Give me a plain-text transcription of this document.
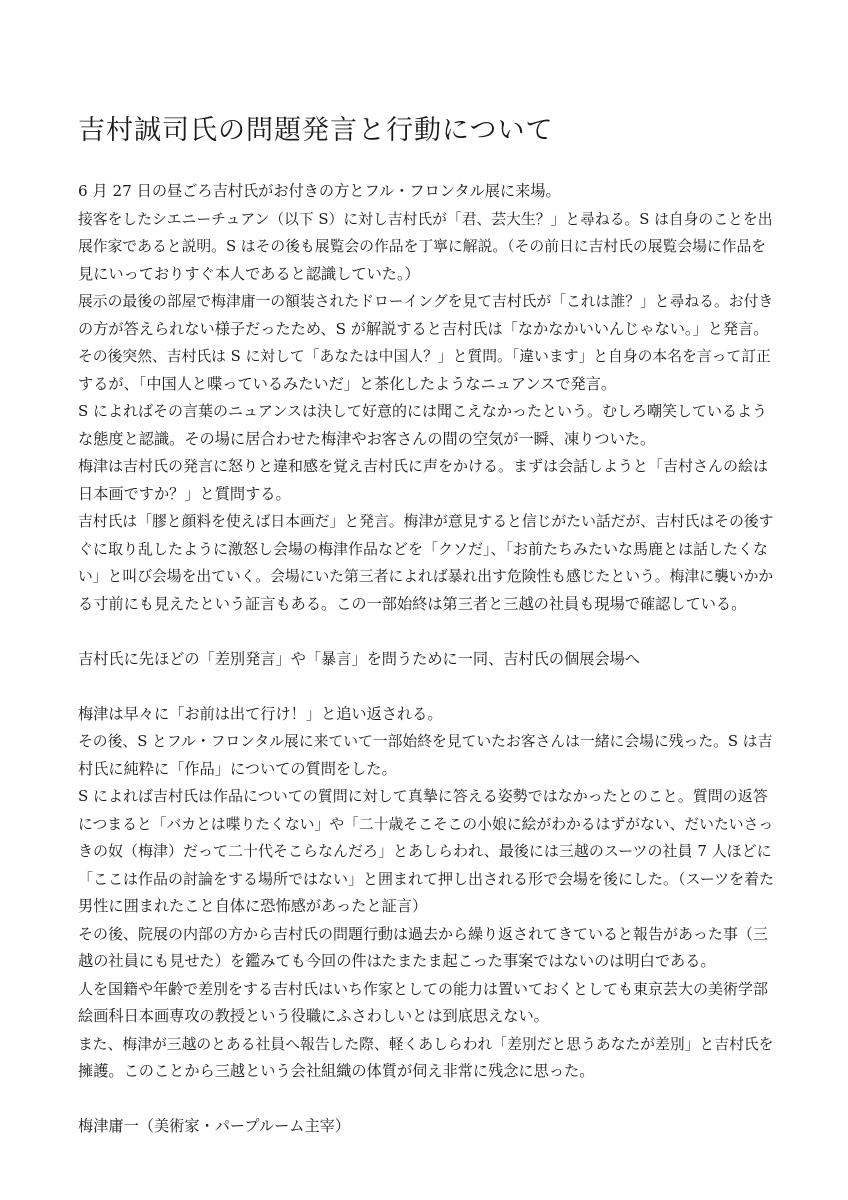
吉村誠司氏の問題発言と行動について
6 月 27 日の昼ごろ吉村氏がお付きの方とフル・フロンタル展に来場。
接客をしたシエニーチュアン（以下 S）に対し吉村氏が「君、芸大生？」と尋ねる。S は自身のことを出
展作家であると説明。S はその後も展覧会の作品を丁寧に解説。（その前日に吉村氏の展覧会場に作品を
見にいっておりすぐ本人であると認識していた。）
展示の最後の部屋で梅津庸一の額装されたドローイングを見て吉村氏が「これは誰？」と尋ねる。お付き
の方が答えられない様子だったため、S が解説すると吉村氏は「なかなかいいんじゃない。」と発言。
その後突然、吉村氏は S に対して「あなたは中国人？」と質問。「違います」と自身の本名を言って訂正
するが、「中国人と喋っているみたいだ」と茶化したようなニュアンスで発言。
S によればその言葉のニュアンスは決して好意的には聞こえなかったという。むしろ嘲笑しているよう
な態度と認識。その場に居合わせた梅津やお客さんの間の空気が一瞬、凍りついた。
梅津は吉村氏の発言に怒りと違和感を覚え吉村氏に声をかける。まずは会話しようと「吉村さんの絵は
日本画ですか？」と質問する。
吉村氏は「膠と顔料を使えば日本画だ」と発言。梅津が意見すると信じがたい話だが、吉村氏はその後す
ぐに取り乱したように激怒し会場の梅津作品などを「クソだ」、「お前たちみたいな馬鹿とは話したくな
い」と叫び会場を出ていく。会場にいた第三者によれば暴れ出す危険性も感じたという。梅津に襲いかか
る寸前にも見えたという証言もある。この一部始終は第三者と三越の社員も現場で確認している。
吉村氏に先ほどの「差別発言」や「暴言」を問うために一同、吉村氏の個展会場へ
梅津は早々に「お前は出て行け！」と追い返される。
その後、S とフル・フロンタル展に来ていて一部始終を見ていたお客さんは一緒に会場に残った。S は吉
村氏に純粋に「作品」についての質問をした。
S によれば吉村氏は作品についての質問に対して真摯に答える姿勢ではなかったとのこと。質問の返答
につまると「バカとは喋りたくない」や「二十歳そこそこの小娘に絵がわかるはずがない、だいたいさっ
きの奴（梅津）だって二十代そこらなんだろ」とあしらわれ、最後には三越のスーツの社員 7 人ほどに
「ここは作品の討論をする場所ではない」と囲まれて押し出される形で会場を後にした。（スーツを着た
男性に囲まれたこと自体に恐怖感があったと証言）
その後、院展の内部の方から吉村氏の問題行動は過去から繰り返されてきていると報告があった事（三
越の社員にも見せた）を鑑みても今回の件はたまたま起こった事案ではないのは明白である。
人を国籍や年齢で差別をする吉村氏はいち作家としての能力は置いておくとしても東京芸大の美術学部
絵画科日本画専攻の教授という役職にふさわしいとは到底思えない。
また、梅津が三越のとある社員へ報告した際、軽くあしらわれ「差別だと思うあなたが差別」と吉村氏を
擁護。このことから三越という会社組織の体質が伺え非常に残念に思った。
梅津庸一（美術家・パープルーム主宰）
